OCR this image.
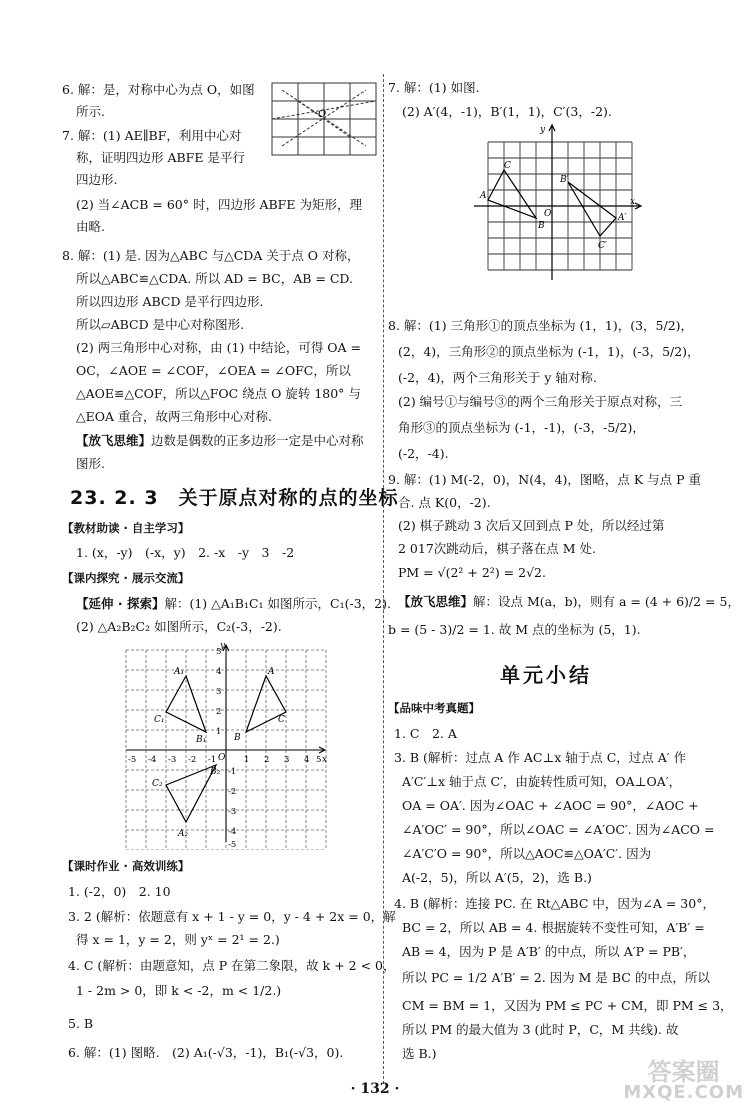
6. 解：是，对称中心为点 O，如图
所示.
7. 解：(1) AE∥BF，利用中心对
称，证明四边形 ABFE 是平行
四边形.
(2) 当∠ACB = 60° 时，四边形 ABFE 为矩形，理
由略.
8. 解：(1) 是. 因为△ABC 与△CDA 关于点 O 对称，
所以△ABC≌△CDA. 所以 AD = BC，AB = CD.
所以四边形 ABCD 是平行四边形.
所以▱ABCD 是中心对称图形.
(2) 两三角形中心对称，由 (1) 中结论，可得 OA =
OC，∠AOE = ∠COF，∠OEA = ∠OFC，所以
△AOE≌△COF，所以△FOC 绕点 O 旋转 180° 与
△EOA 重合，故两三角形中心对称.
【放飞思维】边数是偶数的正多边形一定是中心对称
图形.
23. 2. 3　关于原点对称的点的坐标
【教材助读 · 自主学习】
1. (x，-y)　(-x，y)　2. -x　-y　3　-2
【课内探究 · 展示交流】
【延伸 · 探索】解：(1) △A₁B₁C₁ 如图所示，C₁(-3，2).
(2) △A₂B₂C₂ 如图所示，C₂(-3，-2).
【课时作业 · 高效训练】
1. (-2，0)　2. 10
3. 2 (解析：依题意有 x + 1 - y = 0，y - 4 + 2x = 0，解
得 x = 1，y = 2，则 yˣ = 2¹ = 2.)
4. C (解析：由题意知，点 P 在第二象限，故 k + 2 < 0，
1 - 2m > 0，即 k < -2，m < 1/2.)
5. B
6. 解：(1) 图略.　(2) A₁(-√3，-1)，B₁(-√3，0).
O
y
x
O
A₁	A
C₁
B₁	B
C
B₂
C₂
A₂
-5 -4 -3 -2 -1	1 2 3 4 5
5
4
3
2
1
-1
-2
-3
-4
-5
7. 解：(1) 如图.
(2) A′(4，-1)，B′(1，1)，C′(3，-2).
8. 解：(1) 三角形①的顶点坐标为 (1，1)，(3，5/2)，
(2，4)，三角形②的顶点坐标为 (-1，1)，(-3，5/2)，
(-2，4)，两个三角形关于 y 轴对称.
(2) 编号①与编号③的两个三角形关于原点对称，三
角形③的顶点坐标为 (-1，-1)，(-3，-5/2)，
(-2，-4).
9. 解：(1) M(-2，0)，N(4，4)，图略，点 K 与点 P 重
合. 点 K(0，-2).
(2) 棋子跳动 3 次后又回到点 P 处，所以经过第
2 017次跳动后，棋子落在点 M 处.
PM = √(2² + 2²) = 2√2.
【放飞思维】解：设点 M(a，b)，则有 a = (4 + 6)/2 = 5，
b = (5 - 3)/2 = 1. 故 M 点的坐标为 (5，1).
单元小结
【品味中考真题】
1. C　2. A
3. B (解析：过点 A 作 AC⊥x 轴于点 C，过点 A′ 作
A′C′⊥x 轴于点 C′，由旋转性质可知，OA⊥OA′，
OA = OA′. 因为∠OAC + ∠AOC = 90°，∠AOC +
∠A′OC′ = 90°，所以∠OAC = ∠A′OC′. 因为∠ACO =
∠A′C′O = 90°，所以△AOC≌△OA′C′. 因为
A(-2，5)，所以 A′(5，2)，选 B.)
4. B (解析：连接 PC. 在 Rt△ABC 中，因为∠A = 30°，
BC = 2，所以 AB = 4. 根据旋转不变性可知，A′B′ =
AB = 4，因为 P 是 A′B′ 的中点，所以 A′P = PB′，
所以 PC = 1/2 A′B′ = 2. 因为 M 是 BC 的中点，所以
CM = BM = 1，又因为 PM ≤ PC + CM，即 PM ≤ 3，
所以 PM 的最大值为 3 (此时 P，C，M 共线). 故
选 B.)
y
x
C
A
B′
O
B
A′
C′
· 132 ·
答案圈
MXQE.COM
